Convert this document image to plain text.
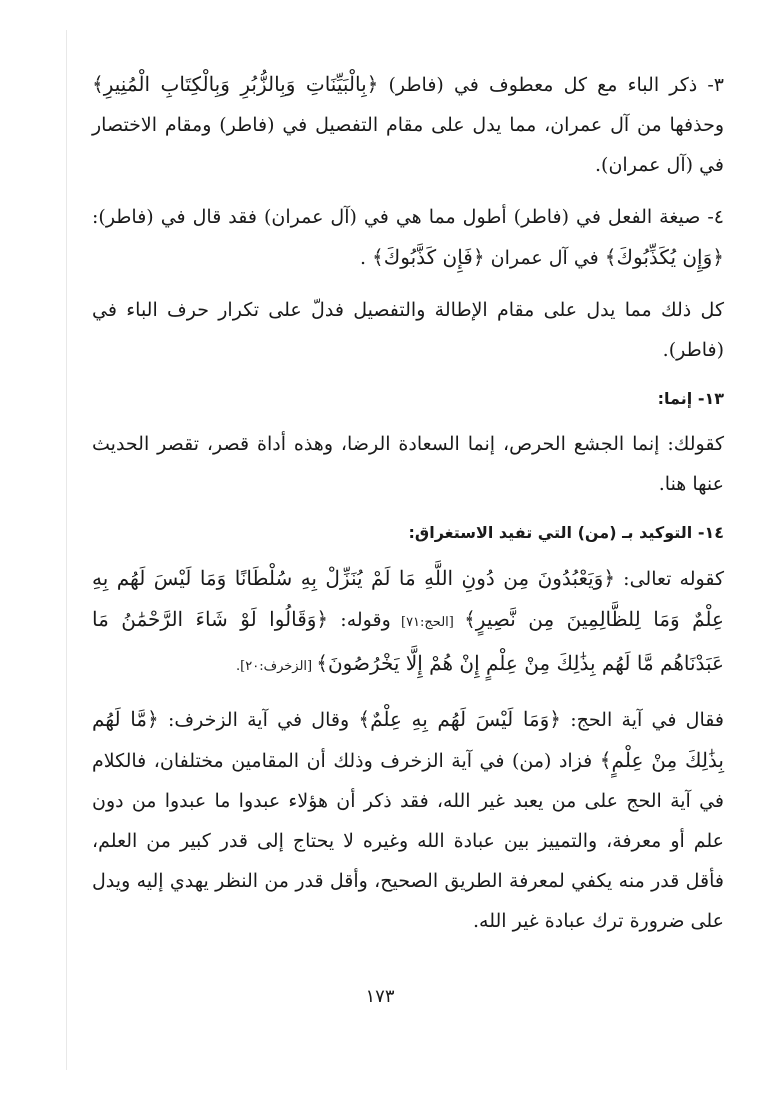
٣- ذكر الباء مع كل معطوف في (فاطر) ﴿بِالْبَيِّنَاتِ وَبِالزُّبُرِ وَبِالْكِتَابِ الْمُنِيرِ﴾ وحذفها من آل عمران، مما يدل على مقام التفصيل في (فاطر) ومقام الاختصار في (آل عمران).

٤- صيغة الفعل في (فاطر) أطول مما هي في (آل عمران) فقد قال في (فاطر): ﴿وَإِن يُكَذِّبُوكَ﴾ في آل عمران ﴿فَإِن كَذَّبُوكَ﴾ .

كل ذلك مما يدل على مقام الإطالة والتفصيل فدلّ على تكرار حرف الباء في (فاطر).

١٣- إنما:

كقولك: إنما الجشع الحرص، إنما السعادة الرضا، وهذه أداة قصر، تقصر الحديث عنها هنا.

١٤- التوكيد بـ (من) التي تفيد الاستغراق:

كقوله تعالى: ﴿وَيَعْبُدُونَ مِن دُونِ اللَّهِ مَا لَمْ يُنَزِّلْ بِهِ سُلْطَانًا وَمَا لَيْسَ لَهُم بِهِ عِلْمٌ وَمَا لِلظَّالِمِينَ مِن نَّصِيرٍ﴾ [الحج:٧١] وقوله: ﴿وَقَالُوا لَوْ شَاءَ الرَّحْمَٰنُ مَا عَبَدْنَاهُم مَّا لَهُم بِذَٰلِكَ مِنْ عِلْمٍ إِنْ هُمْ إِلَّا يَخْرُصُونَ﴾ [الزخرف:٢٠].

فقال في آية الحج: ﴿وَمَا لَيْسَ لَهُم بِهِ عِلْمٌ﴾ وقال في آية الزخرف: ﴿مَّا لَهُم بِذَٰلِكَ مِنْ عِلْمٍ﴾ فزاد (من) في آية الزخرف وذلك أن المقامين مختلفان، فالكلام في آية الحج على من يعبد غير الله، فقد ذكر أن هؤلاء عبدوا ما عبدوا من دون علم أو معرفة، والتمييز بين عبادة الله وغيره لا يحتاج إلى قدر كبير من العلم، فأقل قدر منه يكفي لمعرفة الطريق الصحيح، وأقل قدر من النظر يهدي إليه ويدل على ضرورة ترك عبادة غير الله.

١٧٣
